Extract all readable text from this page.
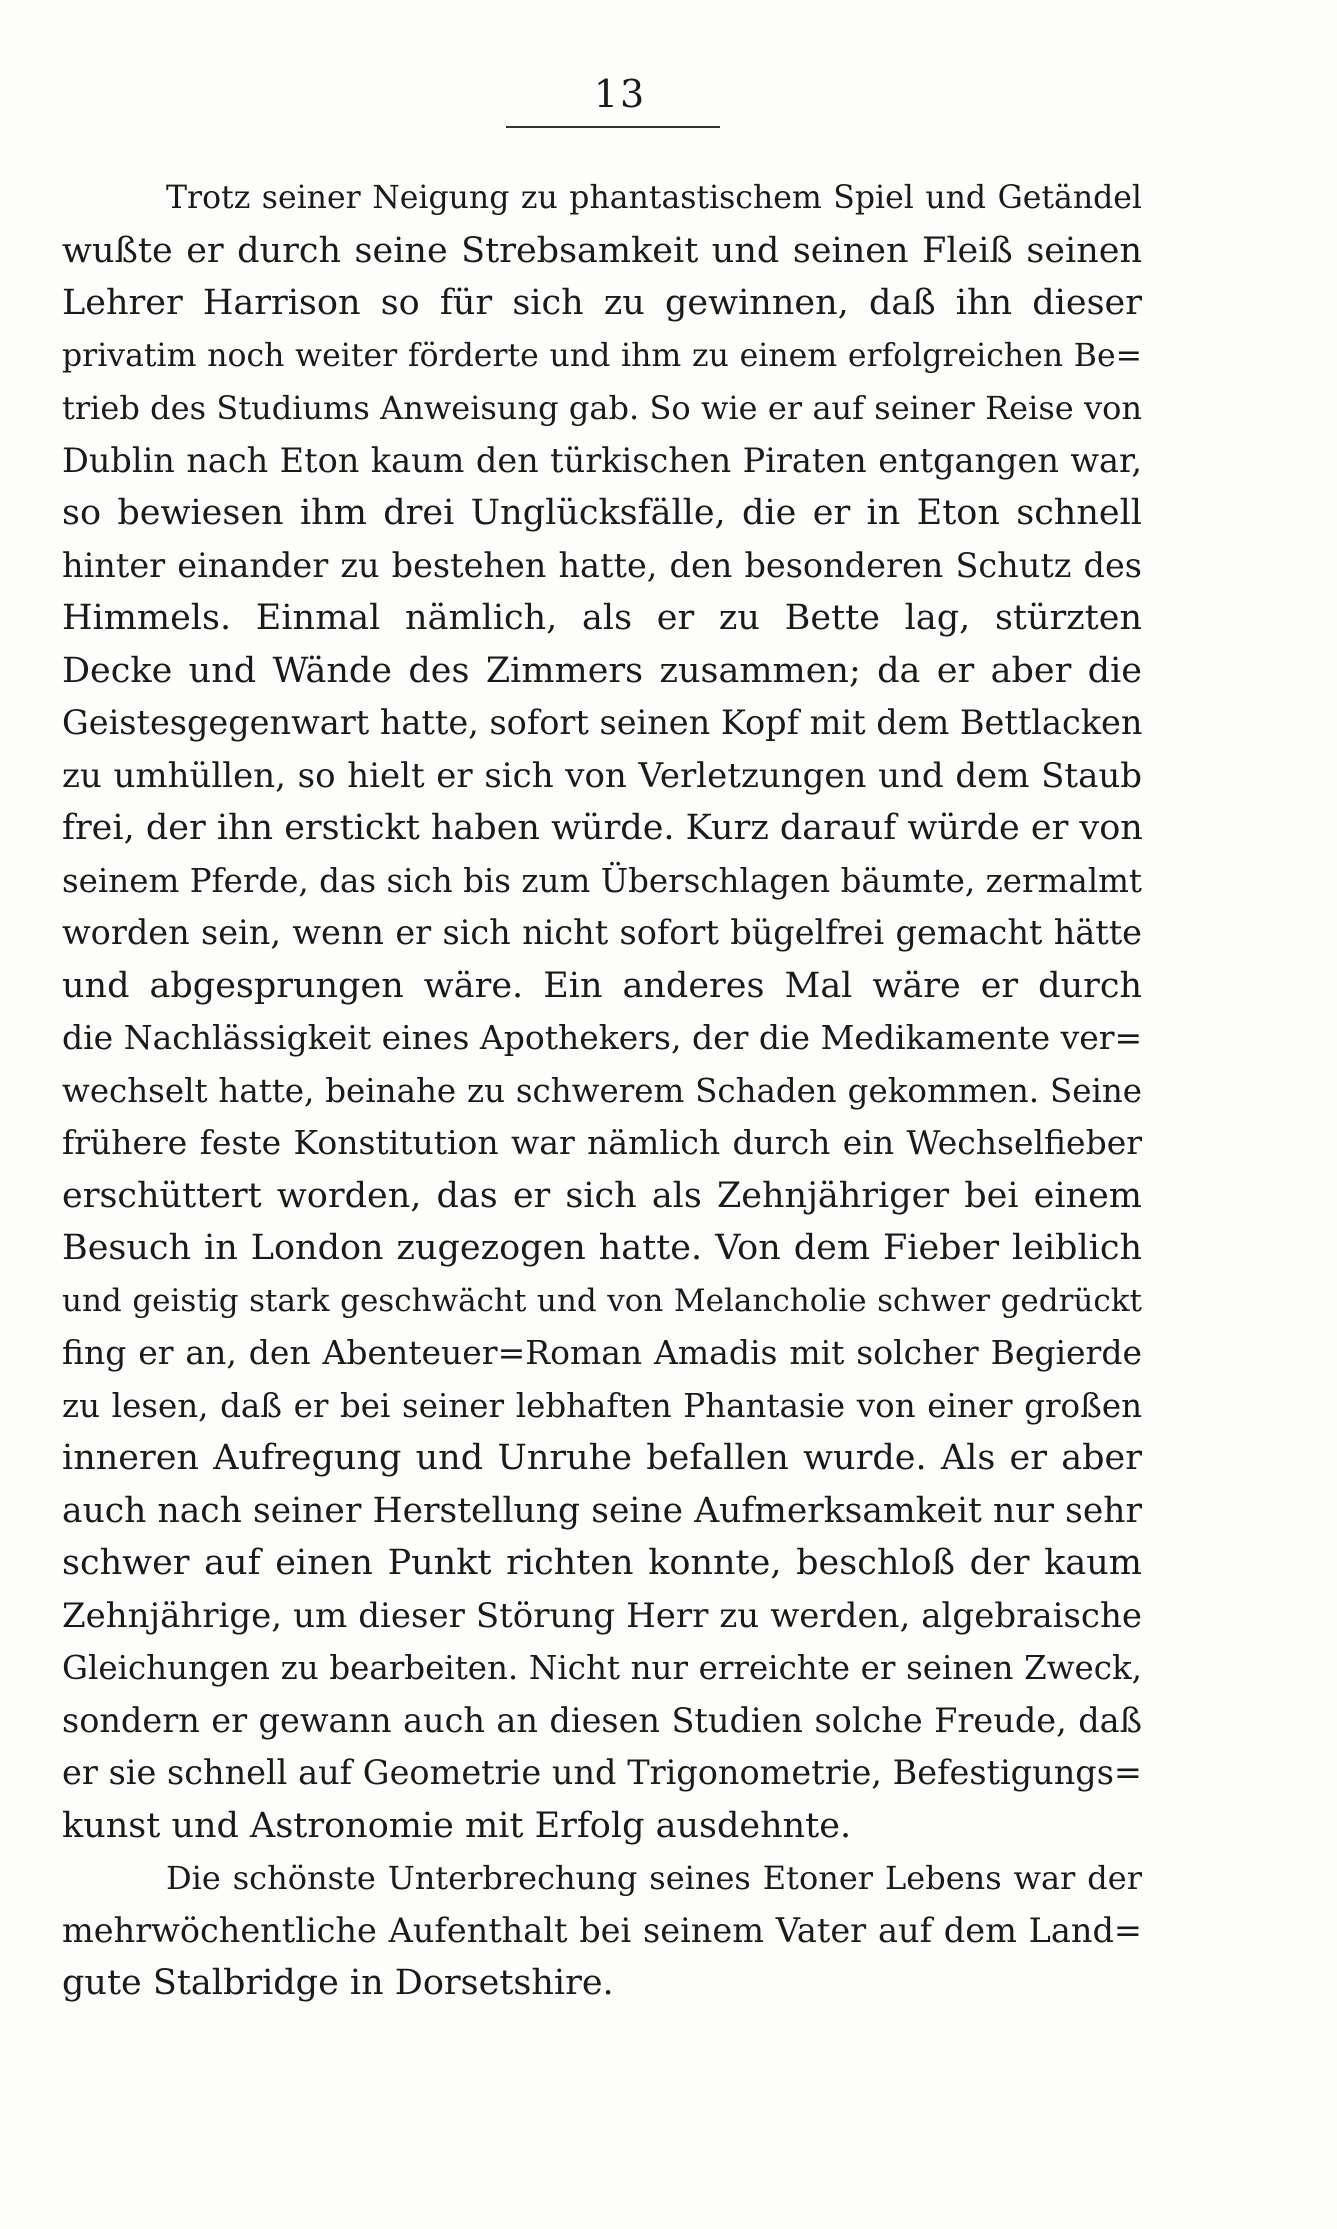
13
Trotz seiner Neigung zu phantastischem Spiel und Getändel
wußte er durch seine Strebsamkeit und seinen Fleiß seinen
Lehrer Harrison so für sich zu gewinnen, daß ihn dieser
privatim noch weiter förderte und ihm zu einem erfolgreichen Be=
trieb des Studiums Anweisung gab. So wie er auf seiner Reise von
Dublin nach Eton kaum den türkischen Piraten entgangen war,
so bewiesen ihm drei Unglücksfälle, die er in Eton schnell
hinter einander zu bestehen hatte, den besonderen Schutz des
Himmels. Einmal nämlich, als er zu Bette lag, stürzten
Decke und Wände des Zimmers zusammen; da er aber die
Geistesgegenwart hatte, sofort seinen Kopf mit dem Bettlacken
zu umhüllen, so hielt er sich von Verletzungen und dem Staub
frei, der ihn erstickt haben würde. Kurz darauf würde er von
seinem Pferde, das sich bis zum Überschlagen bäumte, zermalmt
worden sein, wenn er sich nicht sofort bügelfrei gemacht hätte
und abgesprungen wäre. Ein anderes Mal wäre er durch
die Nachlässigkeit eines Apothekers, der die Medikamente ver=
wechselt hatte, beinahe zu schwerem Schaden gekommen. Seine
frühere feste Konstitution war nämlich durch ein Wechselfieber
erschüttert worden, das er sich als Zehnjähriger bei einem
Besuch in London zugezogen hatte. Von dem Fieber leiblich
und geistig stark geschwächt und von Melancholie schwer gedrückt
fing er an, den Abenteuer=Roman Amadis mit solcher Begierde
zu lesen, daß er bei seiner lebhaften Phantasie von einer großen
inneren Aufregung und Unruhe befallen wurde. Als er aber
auch nach seiner Herstellung seine Aufmerksamkeit nur sehr
schwer auf einen Punkt richten konnte, beschloß der kaum
Zehnjährige, um dieser Störung Herr zu werden, algebraische
Gleichungen zu bearbeiten. Nicht nur erreichte er seinen Zweck,
sondern er gewann auch an diesen Studien solche Freude, daß
er sie schnell auf Geometrie und Trigonometrie, Befestigungs=
kunst und Astronomie mit Erfolg ausdehnte.
Die schönste Unterbrechung seines Etoner Lebens war der
mehrwöchentliche Aufenthalt bei seinem Vater auf dem Land=
gute Stalbridge in Dorsetshire.
